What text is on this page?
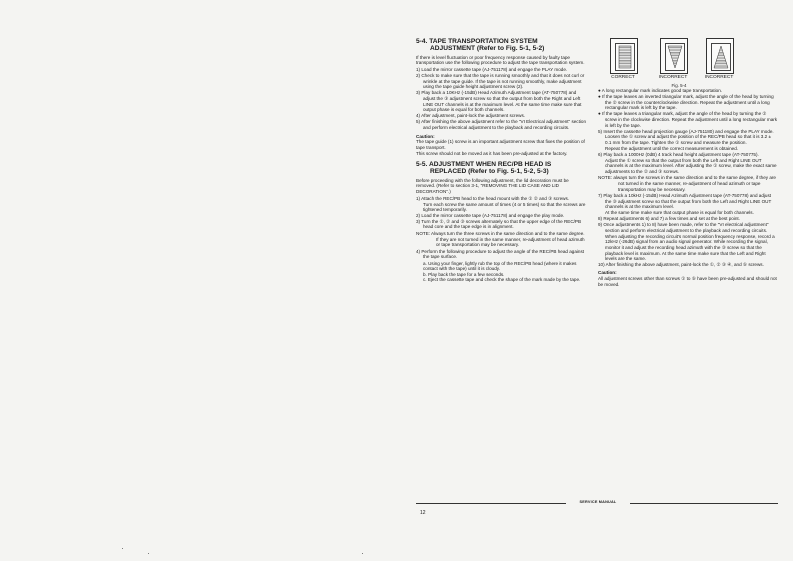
5-4. TAPE TRANSPORTATION SYSTEM
ADJUSTMENT (Refer to Fig. 5-1, 5-2)

If there is level fluctuation or poor frequency response caused by faulty tape transportation use the following procedure to adjust the tape transportation system.

1) Load the mirror cassette tape (AJ-751178) and engage the PLAY mode.
2) Check to make sure that the tape is running smoothly and that it does not curl or wrinkle at the tape guide. If the tape is not running smoothly, make adjustment using the tape guide height adjustment screw (2).
3) Play back a 10KHz (-15dB) Head Azimuth Adjustment tape (AT-750778) and adjust the ③ adjustment screw so that the output from both the Right and Left LINE OUT channels is at the maximum level. At the same time make sure that output phase is equal for both channels.
4) After adjustment, paint-lock the adjustment screws.
5) After finishing the above adjustment refer to the "VI Electrical adjustment" section and perform electrical adjustment to the playback and recording circuits.
Caution:

The tape guide (1) screw is an important adjustment screw that fixes the position of tape transport.

This screw should not be moved as it has been pre-adjusted at the factory.

5-5. ADJUSTMENT WHEN REC/PB HEAD IS
REPLACED (Refer to Fig. 5-1, 5-2, 5-3)

Before proceeding with the following adjustment, the lid decoration must be removed. (Refer to section 3-1, "REMOVING THE LID CASE AND LID DECORATION".)

1) Attach the REC/PB head to the head mount with the ① ② and ③ screws.
Turn each screw the same amount of times (4 or 5 times) so that the screws are tightened temporarily.
2) Load the mirror cassette tape (AJ-751178) and engage the play mode.
3) Turn the ①, ② and ③ screws alternately so that the upper edge of the REC/PB head core and the tape edge is in alignment.
NOTE: Always turn the three screws in the same direction and to the same degree. If they are not turned in the same manner, re-adjustment of head azimuth or tape transportation may be necessary.
4) Perform the following procedure to adjust the angle of the REC/PB head against the tape surface.
a. Using your finger, lightly rub the top of the REC/PB head (where it makes contact with the tape) until it is cloudy.
b. Play back the tape for a few seconds.
c. Eject the cassette tape and check the shape of the mark made by the tape.
CORRECT	INCORRECT	INCORRECT
Fig. 5-4
● A long rectangular mark indicates good tape transportation.
● If the tape leaves an inverted triangular mark, adjust the angle of the head by turning the ② screw in the counterclockwise direction. Repeat the adjustment until a long rectangular mark is left by the tape.
● If the tape leaves a triangular mark, adjust the angle of the head by turning the ② screw in the clockwise direction. Repeat the adjustment until a long rectangular mark is left by the tape.
5) Insert the cassette head projection gauge (AJ-751180) and engage the PLAY mode. Loosen the ① screw and adjust the position of the REC/PB head so that it is 3.2 ± 0.1 mm from the tape. Tighten the ① screw and measure the position.
Repeat the adjustment until the correct measurement is obtained.
6) Play back a 1000Hz (0dB) 4 track head height adjustment tape (AT-750775).
Adjust the ① screw so that the output from both the Left and Right LINE OUT channels is at the maximum level. After adjusting the ① screw, make the exact same adjustments to the ② and ③ screws.
NOTE: always turn the screws in the same direction and to the same degree, if they are not turned in the same manner, re-adjustment of head azimuth or tape transportation may be necessary.
7) Play back a 10kHz (-15dB) Head Azimuth Adjustment tape (AT-750778) and adjust the ③ adjustment screw so that the output from both the Left and Right LINE OUT channels is at the maximum level.
At the same time make sure that output phase is equal for both channels.
8) Repeat adjustments 6) and 7) a few times and set at the best point.
9) Once adjustments 1) to 8) have been made, refer to the "VI electrical adjustment" section and perform electrical adjustment to the playback and recording circuits.
When adjusting the recording circuit's normal position frequency response, record a 12kHz (-26dB) signal from an audio signal generator. While recording the signal, monitor it and adjust the recording head azimuth with the ③ screw so that the playback level is maximum. At the same time make sure that the Left and Right levels are the same.
10) After finishing the above adjustment, paint-lock the ①, ② ③ ④, and ⑤ screws.
Caution:

All adjustment screws other than screws ① to ⑤ have been pre-adjusted and should not be moved.

SERVICE MANUAL
12
